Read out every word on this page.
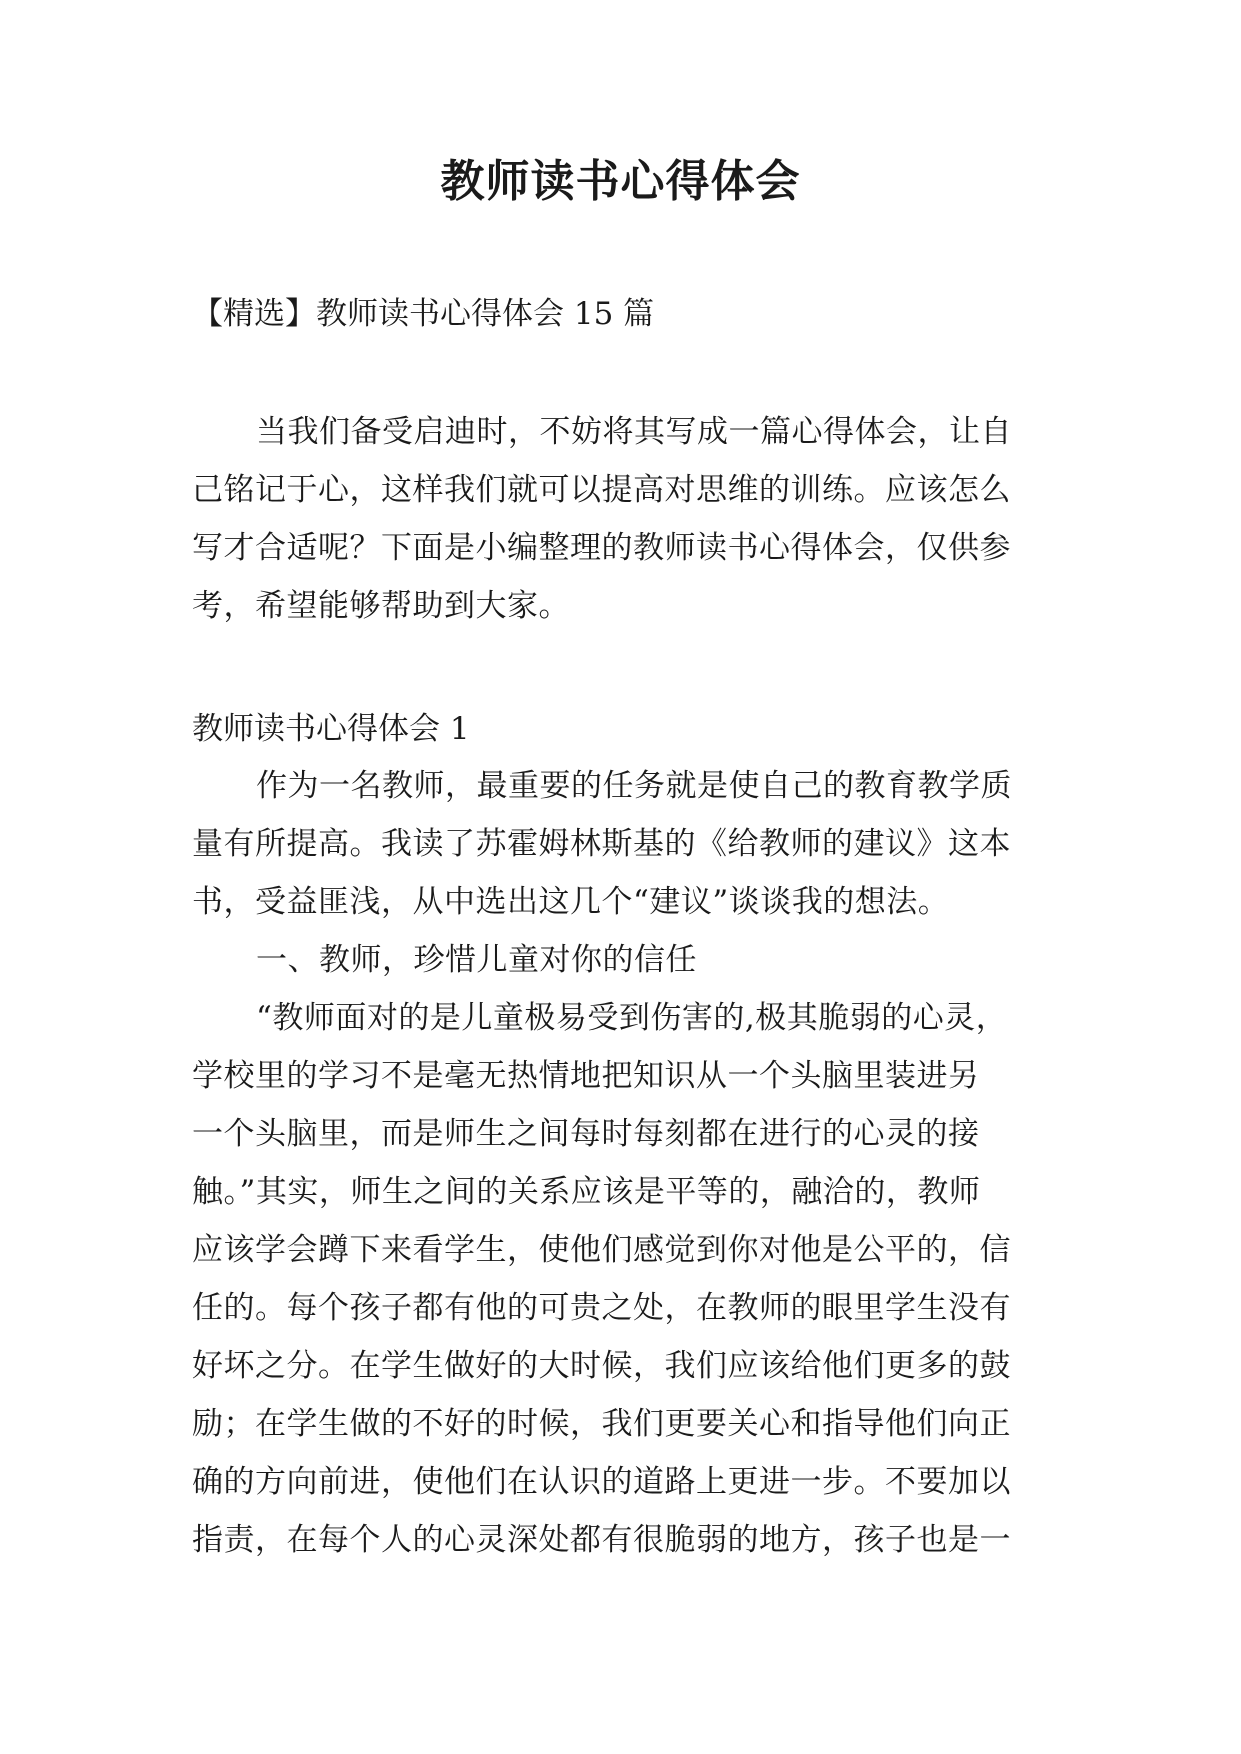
教师读书心得体会

【精选】教师读书心得体会 15 篇

当我们备受启迪时，不妨将其写成一篇心得体会，让自
己铭记于心，这样我们就可以提高对思维的训练。应该怎么
写才合适呢？下面是小编整理的教师读书心得体会，仅供参
考，希望能够帮助到大家。

教师读书心得体会 1

作为一名教师，最重要的任务就是使自己的教育教学质
量有所提高。我读了苏霍姆林斯基的《给教师的建议》这本
书，受益匪浅，从中选出这几个“建议”谈谈我的想法。
一、教师，珍惜儿童对你的信任
“教师面对的是儿童极易受到伤害的,极其脆弱的心灵，
学校里的学习不是毫无热情地把知识从一个头脑里装进另
一个头脑里，而是师生之间每时每刻都在进行的心灵的接
触。”其实，师生之间的关系应该是平等的，融洽的，教师
应该学会蹲下来看学生，使他们感觉到你对他是公平的，信
任的。每个孩子都有他的可贵之处，在教师的眼里学生没有
好坏之分。在学生做好的大时候，我们应该给他们更多的鼓
励；在学生做的不好的时候，我们更要关心和指导他们向正
确的方向前进，使他们在认识的道路上更进一步。不要加以
指责，在每个人的心灵深处都有很脆弱的地方，孩子也是一
